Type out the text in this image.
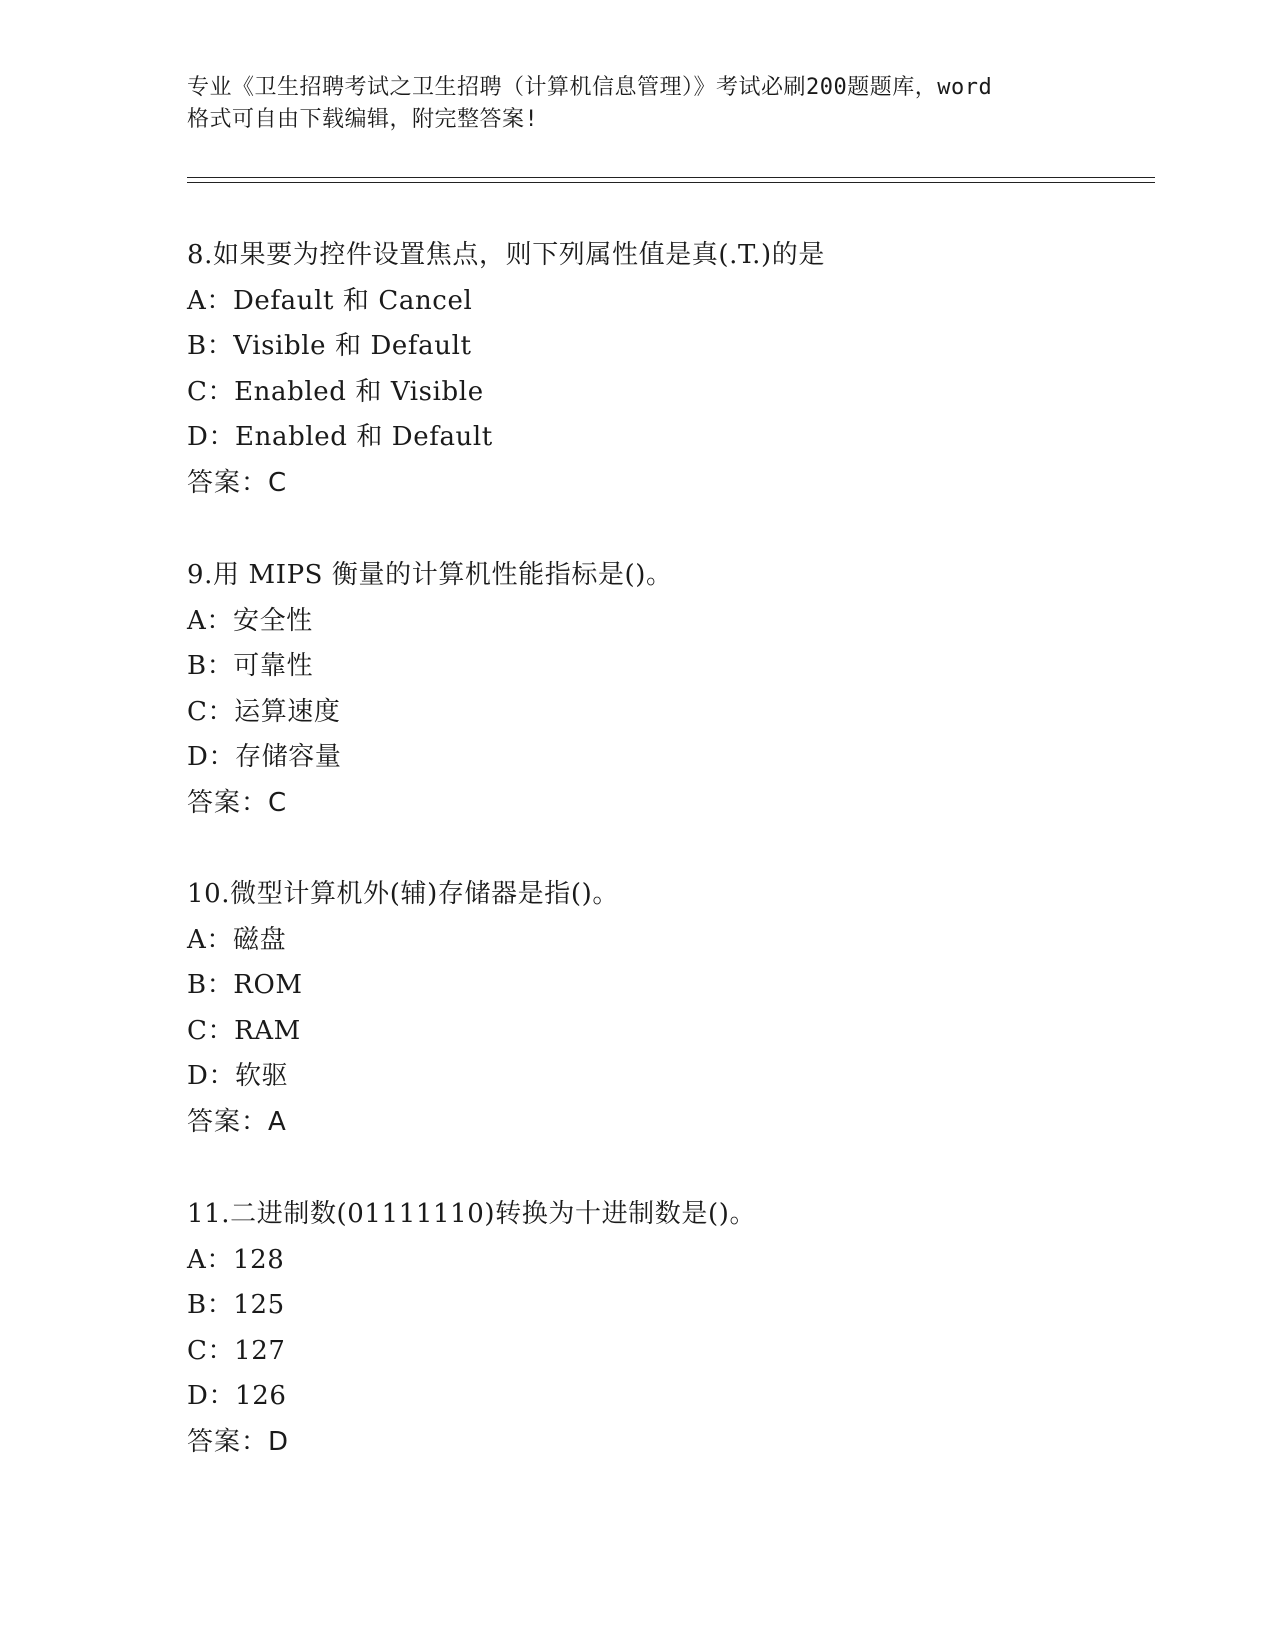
专业《卫生招聘考试之卫生招聘（计算机信息管理）》考试必刷200题题库，word
格式可自由下载编辑，附完整答案!
8.如果要为控件设置焦点，则下列属性值是真(.T.)的是
A：Default 和 Cancel
B：Visible 和 Default
C：Enabled 和 Visible
D：Enabled 和 Default
答案：C
9.用 MIPS 衡量的计算机性能指标是()。
A：安全性
B：可靠性
C：运算速度
D：存储容量
答案：C
10.微型计算机外(辅)存储器是指()。
A：磁盘
B：ROM
C：RAM
D：软驱
答案：A
11.二进制数(01111110)转换为十进制数是()。
A：128
B：125
C：127
D：126
答案：D
